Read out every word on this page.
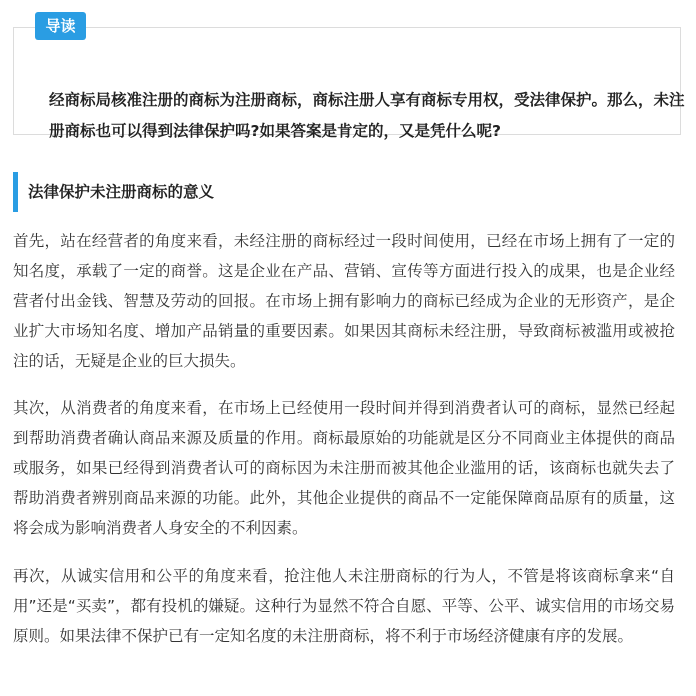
经商标局核准注册的商标为注册商标，商标注册人享有商标专用权，受法律保护。那么，未注册商标也可以得到法律保护吗?如果答案是肯定的，又是凭什么呢?

导读
法律保护未注册商标的意义

首先，站在经营者的角度来看，未经注册的商标经过一段时间使用，已经在市场上拥有了一定的知名度，承载了一定的商誉。这是企业在产品、营销、宣传等方面进行投入的成果，也是企业经营者付出金钱、智慧及劳动的回报。在市场上拥有影响力的商标已经成为企业的无形资产，是企业扩大市场知名度、增加产品销量的重要因素。如果因其商标未经注册，导致商标被滥用或被抢注的话，无疑是企业的巨大损失。

其次，从消费者的角度来看，在市场上已经使用一段时间并得到消费者认可的商标，显然已经起到帮助消费者确认商品来源及质量的作用。商标最原始的功能就是区分不同商业主体提供的商品或服务，如果已经得到消费者认可的商标因为未注册而被其他企业滥用的话，该商标也就失去了帮助消费者辨别商品来源的功能。此外，其他企业提供的商品不一定能保障商品原有的质量，这将会成为影响消费者人身安全的不利因素。

再次，从诚实信用和公平的角度来看，抢注他人未注册商标的行为人，不管是将该商标拿来“自用”还是“买卖”，都有投机的嫌疑。这种行为显然不符合自愿、平等、公平、诚实信用的市场交易原则。如果法律不保护已有一定知名度的未注册商标，将不利于市场经济健康有序的发展。
